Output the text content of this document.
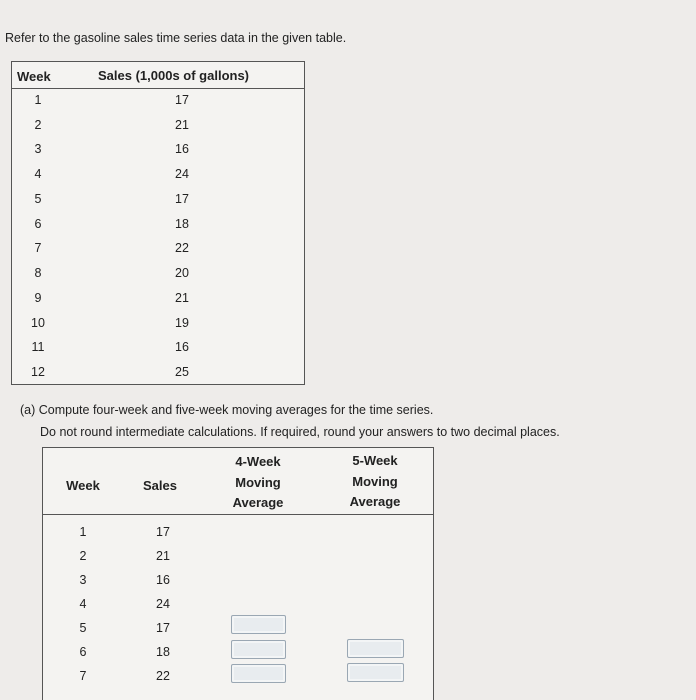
Refer to the gasoline sales time series data in the given table.
Week	Sales (1,000s of gallons)
1	17
2	21
3	16
4	24
5	17
6	18
7	22
8	20
9	21
10	19
11	16
12	25
(a) Compute four-week and five-week moving averages for the time series.
Do not round intermediate calculations. If required, round your answers to two decimal places.
Week	Sales
4-Week
Moving
Average
5-Week
Moving
Average
1	17
2	21
3	16
4	24
5	17
6	18
7	22
